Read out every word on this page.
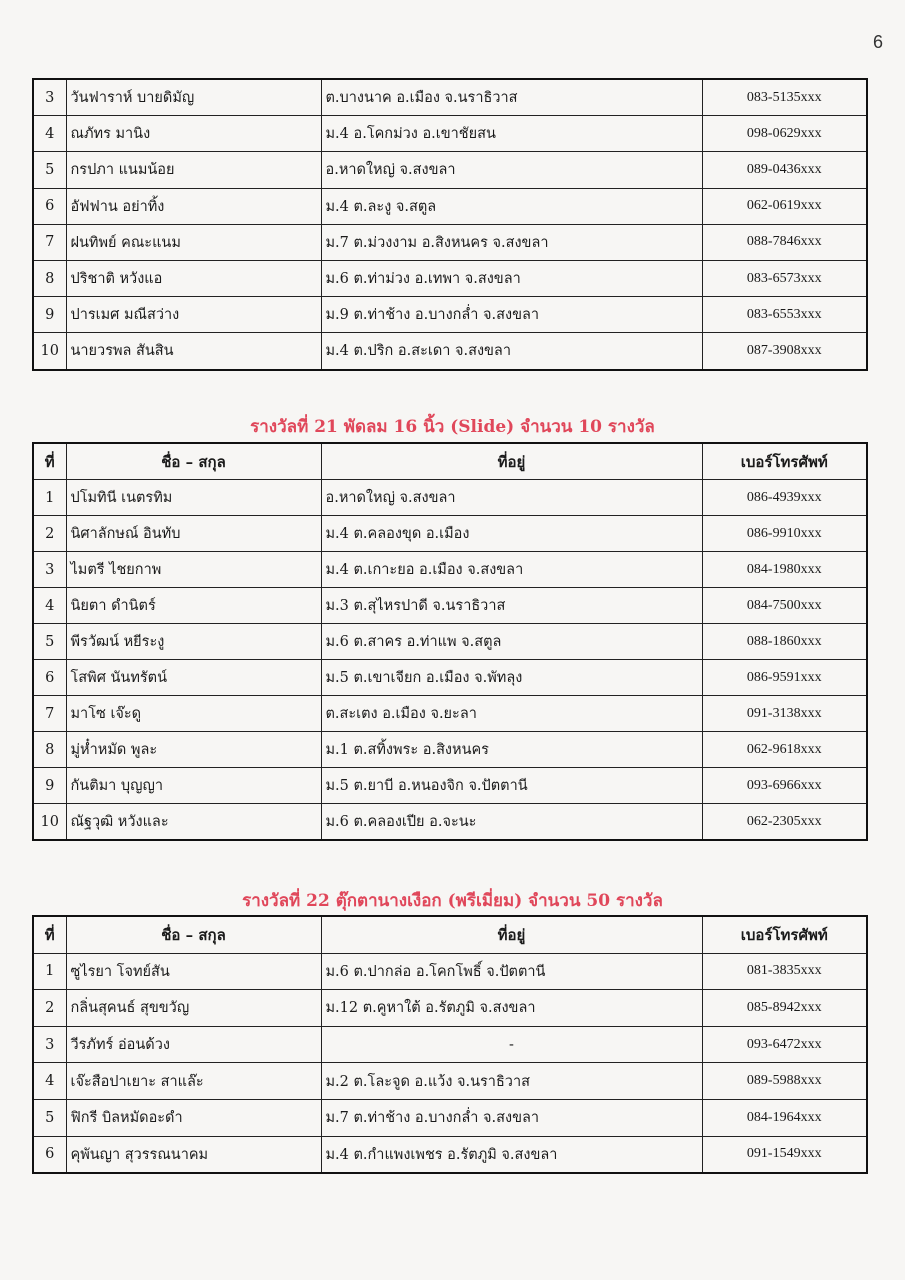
6
3	วันฟาราห์ บายดิมัญ	ต.บางนาค อ.เมือง จ.นราธิวาส	083-5135xxx
4	ณภัทร มานิง	ม.4 อ.โคกม่วง อ.เขาชัยสน	098-0629xxx
5	กรปภา แนมน้อย	อ.หาดใหญ่ จ.สงขลา	089-0436xxx
6	อัฟฟาน อย่าทิ้ง	ม.4 ต.ละงู จ.สตูล	062-0619xxx
7	ฝนทิพย์ คณะแนม	ม.7 ต.ม่วงงาม อ.สิงหนคร จ.สงขลา	088-7846xxx
8	ปริชาติ หวังแอ	ม.6 ต.ท่าม่วง อ.เทพา จ.สงขลา	083-6573xxx
9	ปารเมศ มณีสว่าง	ม.9 ต.ท่าช้าง อ.บางกล่ำ จ.สงขลา	083-6553xxx
10	นายวรพล สันสิน	ม.4 ต.ปริก อ.สะเดา จ.สงขลา	087-3908xxx
รางวัลที่ 21 พัดลม 16 นิ้ว (Slide) จำนวน 10 รางวัล
ที่	ชื่อ – สกุล	ที่อยู่	เบอร์โทรศัพท์
1	ปโมทินี เนตรทิม	อ.หาดใหญ่ จ.สงขลา	086-4939xxx
2	นิศาลักษณ์ อินทับ	ม.4 ต.คลองขุด อ.เมือง	086-9910xxx
3	ไมตรี ไชยกาพ	ม.4 ต.เกาะยอ อ.เมือง จ.สงขลา	084-1980xxx
4	นิยตา ดำนิตร์	ม.3 ต.สุไหรปาดี จ.นราธิวาส	084-7500xxx
5	พีรวัฒน์ หยีระงู	ม.6 ต.สาคร อ.ท่าแพ จ.สตูล	088-1860xxx
6	โสพิศ นันทรัตน์	ม.5 ต.เขาเจียก อ.เมือง จ.พัทลุง	086-9591xxx
7	มาโซ เจ๊ะดู	ต.สะเตง อ.เมือง จ.ยะลา	091-3138xxx
8	มู่ห๋ำหมัด พูละ	ม.1 ต.สทิ้งพระ อ.สิงหนคร	062-9618xxx
9	กันติมา บุญญา	ม.5 ต.ยาบี อ.หนองจิก จ.ปัตตานี	093-6966xxx
10	ณัฐวุฒิ หวังและ	ม.6 ต.คลองเปีย อ.จะนะ	062-2305xxx
รางวัลที่ 22 ตุ๊กตานางเงือก (พรีเมี่ยม) จำนวน 50 รางวัล
ที่	ชื่อ – สกุล	ที่อยู่	เบอร์โทรศัพท์
1	ซูไรยา โจทย์สัน	ม.6 ต.ปากล่อ อ.โคกโพธิ์ จ.ปัตตานี	081-3835xxx
2	กลิ่นสุคนธ์ สุขขวัญ	ม.12 ต.คูหาใต้ อ.รัตภูมิ จ.สงขลา	085-8942xxx
3	วีรภัทร์ อ่อนด้วง	-	093-6472xxx
4	เจ๊ะสือปาเยาะ สาแล๊ะ	ม.2 ต.โละจูด อ.แว้ง จ.นราธิวาส	089-5988xxx
5	ฟิกรี บิลหมัดอะดำ	ม.7 ต.ท่าช้าง อ.บางกล่ำ จ.สงขลา	084-1964xxx
6	คุพันญา สุวรรณนาคม	ม.4 ต.กำแพงเพชร อ.รัตภูมิ จ.สงขลา	091-1549xxx
